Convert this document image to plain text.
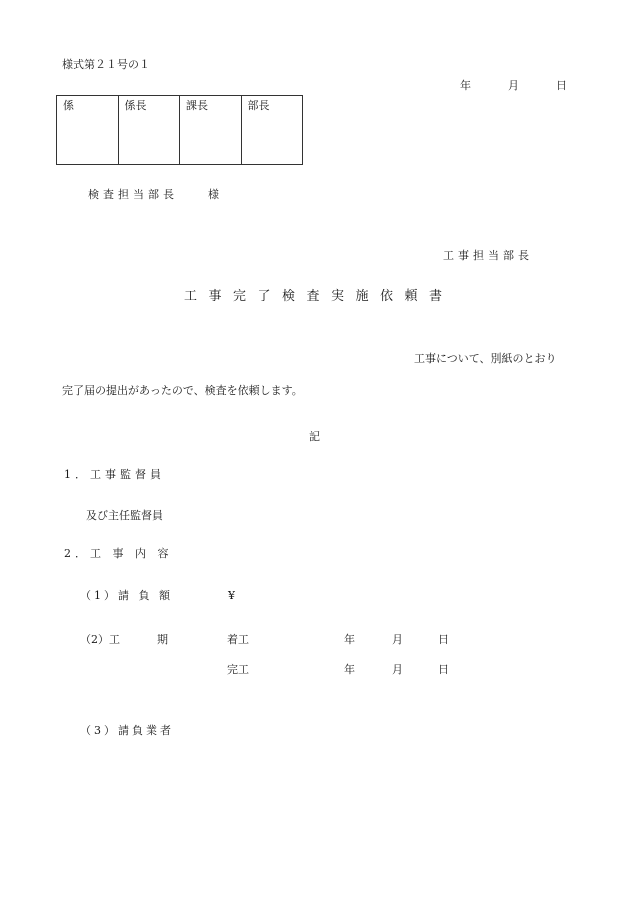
様式第２１号の１

年

	月

	日

係	係長	課長	部長
検査担当部長	様
工事担当部長
工事完了検査実施依頼書
工事について、別紙のとおり
完了届の提出があったので、検査を依頼します。
記
1．工事監督員
及び主任監督員
2．工 事 内 容
（1）請 負 額	¥
（2）工	期	着工	年	月	日
完工	年	月	日
（3）請負業者
